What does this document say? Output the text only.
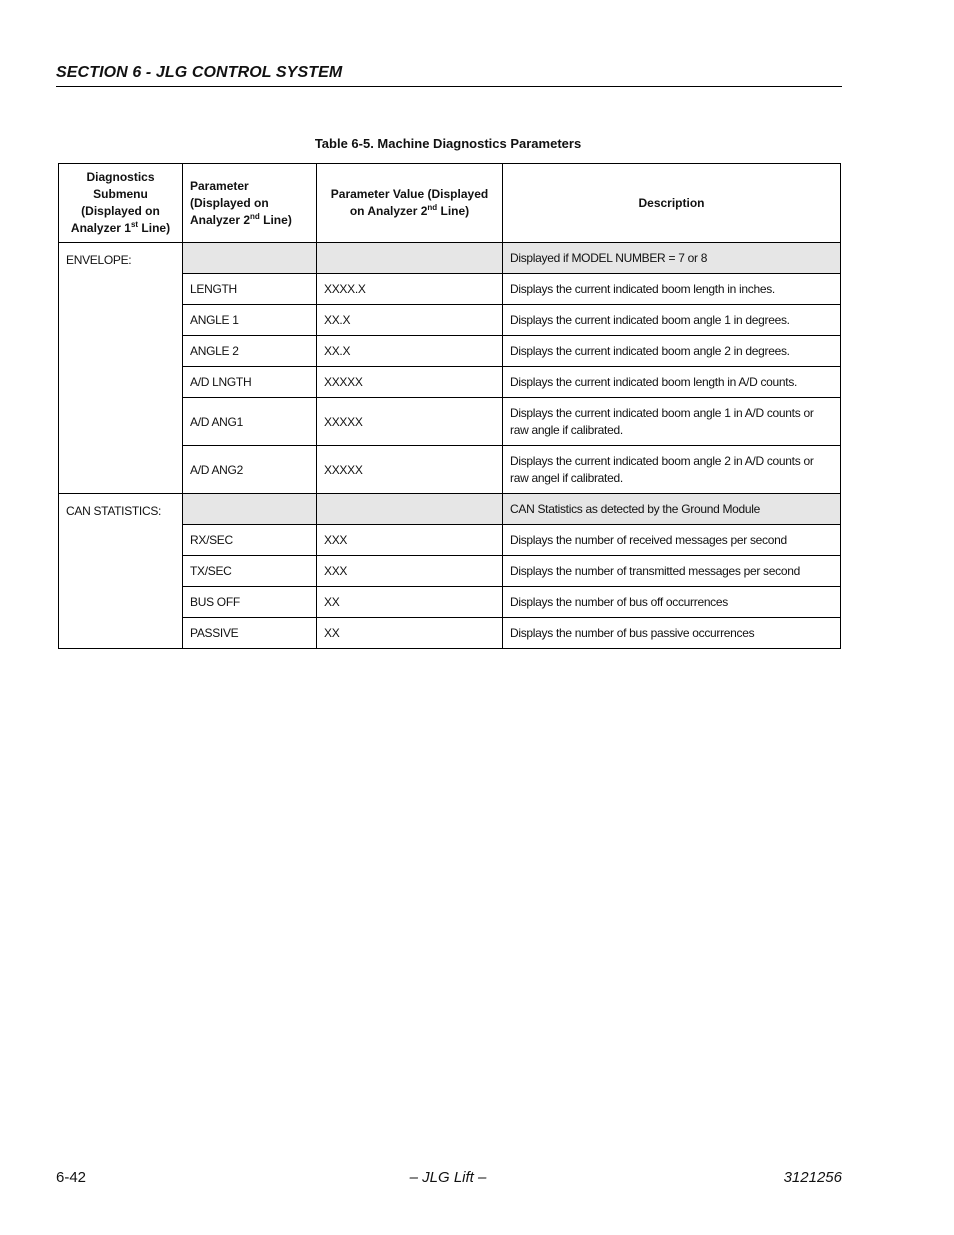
SECTION 6 - JLG CONTROL SYSTEM
Table 6-5. Machine Diagnostics Parameters
Diagnostics Submenu (Displayed on Analyzer 1st Line)	Parameter (Displayed on Analyzer 2nd Line)	Parameter Value (Displayed on Analyzer 2nd Line)	Description
ENVELOPE:			Displayed if MODEL NUMBER = 7 or 8
	LENGTH	XXXX.X	Displays the current indicated boom length in inches.
	ANGLE 1	XX.X	Displays the current indicated boom angle 1 in degrees.
	ANGLE 2	XX.X	Displays the current indicated boom angle 2 in degrees.
	A/D LNGTH	XXXXX	Displays the current indicated boom length in A/D counts.
	A/D ANG1	XXXXX	Displays the current indicated boom angle 1 in A/D counts or raw angle if calibrated.
	A/D ANG2	XXXXX	Displays the current indicated boom angle 2 in A/D counts or raw angel if calibrated.
CAN STATISTICS:			CAN Statistics as detected by the Ground Module
	RX/SEC	XXX	Displays the number of received messages per second
	TX/SEC	XXX	Displays the number of transmitted messages per second
	BUS OFF	XX	Displays the number of bus off occurrences
	PASSIVE	XX	Displays the number of bus passive occurrences
6-42	– JLG Lift –	3121256
